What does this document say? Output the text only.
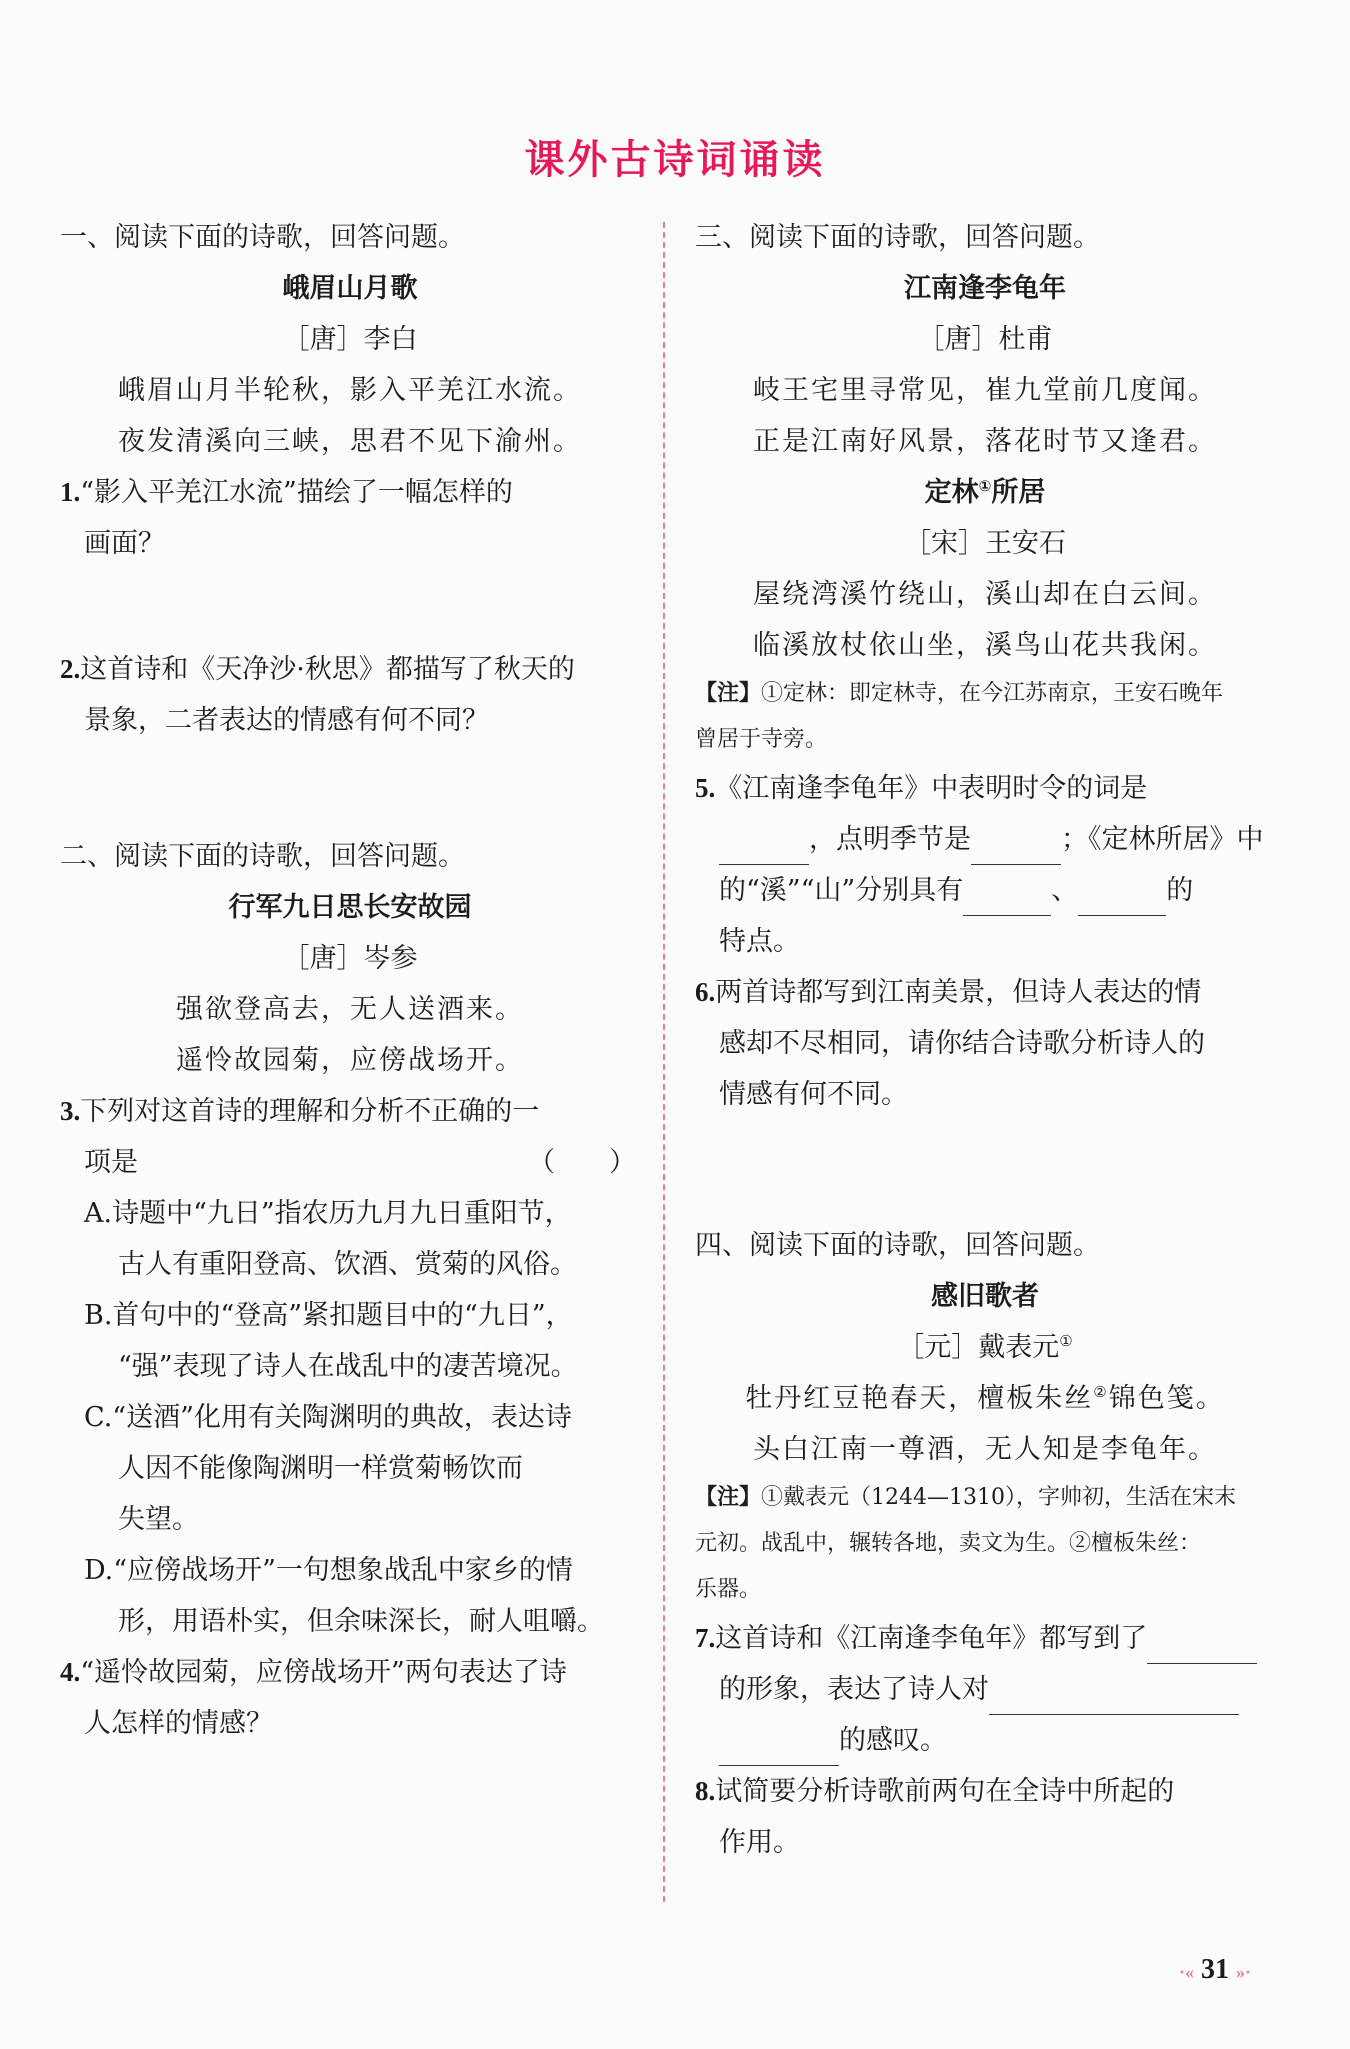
课外古诗词诵读
一、阅读下面的诗歌，回答问题。
峨眉山月歌
［唐］李白
峨眉山月半轮秋，影入平羌江水流。
夜发清溪向三峡，思君不见下渝州。
1.“影入平羌江水流”描绘了一幅怎样的
画面？
2.这首诗和《天净沙·秋思》都描写了秋天的
景象，二者表达的情感有何不同？
二、阅读下面的诗歌，回答问题。
行军九日思长安故园
［唐］岑参
强欲登高去，无人送酒来。
遥怜故园菊，应傍战场开。
3.下列对这首诗的理解和分析不正确的一
项是	（　　）
A.诗题中“九日”指农历九月九日重阳节，
古人有重阳登高、饮酒、赏菊的风俗。
B.首句中的“登高”紧扣题目中的“九日”，
“强”表现了诗人在战乱中的凄苦境况。
C.“送酒”化用有关陶渊明的典故，表达诗
人因不能像陶渊明一样赏菊畅饮而
失望。
D.“应傍战场开”一句想象战乱中家乡的情
形，用语朴实，但余味深长，耐人咀嚼。
4.“遥怜故园菊，应傍战场开”两句表达了诗
人怎样的情感？
三、阅读下面的诗歌，回答问题。
江南逢李龟年
［唐］杜甫
岐王宅里寻常见，崔九堂前几度闻。
正是江南好风景，落花时节又逢君。
定林①所居
［宋］王安石
屋绕湾溪竹绕山，溪山却在白云间。
临溪放杖依山坐，溪鸟山花共我闲。
【注】①定林：即定林寺，在今江苏南京，王安石晚年
曾居于寺旁。
5.《江南逢李龟年》中表明时令的词是
，点明季节是	；《定林所居》中
的“溪”“山”分别具有	、	的
特点。
6.两首诗都写到江南美景，但诗人表达的情
感却不尽相同，请你结合诗歌分析诗人的
情感有何不同。
四、阅读下面的诗歌，回答问题。
感旧歌者
［元］戴表元①
牡丹红豆艳春天，檀板朱丝②锦色笺。
头白江南一尊酒，无人知是李龟年。
【注】①戴表元（1244—1310），字帅初，生活在宋末
元初。战乱中，辗转各地，卖文为生。②檀板朱丝：
乐器。
7.这首诗和《江南逢李龟年》都写到了
的形象，表达了诗人对
的感叹。
8.试简要分析诗歌前两句在全诗中所起的
作用。
·« 31 »·
